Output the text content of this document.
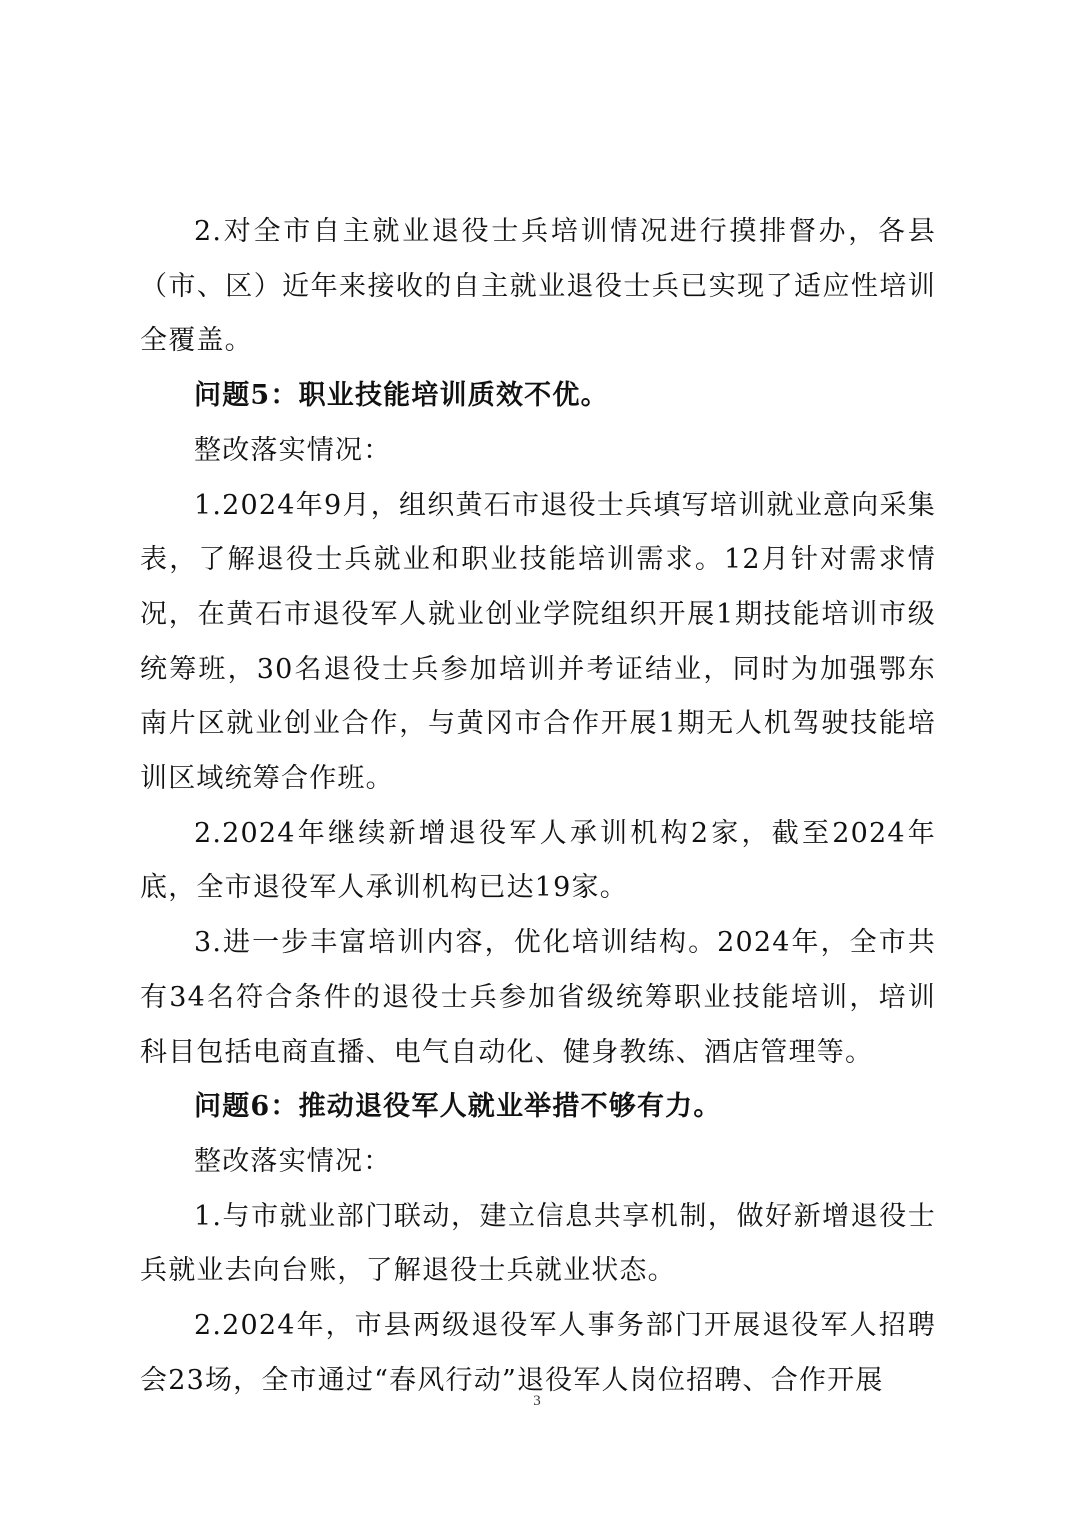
2.对全市自主就业退役士兵培训情况进行摸排督办，各县（市、区）近年来接收的自主就业退役士兵已实现了适应性培训全覆盖。

问题5：职业技能培训质效不优。

整改落实情况：

1.2024年9月，组织黄石市退役士兵填写培训就业意向采集表，了解退役士兵就业和职业技能培训需求。12月针对需求情况，在黄石市退役军人就业创业学院组织开展1期技能培训市级统筹班，30名退役士兵参加培训并考证结业，同时为加强鄂东南片区就业创业合作，与黄冈市合作开展1期无人机驾驶技能培训区域统筹合作班。

2.2024年继续新增退役军人承训机构2家，截至2024年底，全市退役军人承训机构已达19家。

3.进一步丰富培训内容，优化培训结构。2024年，全市共有34名符合条件的退役士兵参加省级统筹职业技能培训，培训科目包括电商直播、电气自动化、健身教练、酒店管理等。

问题6：推动退役军人就业举措不够有力。

整改落实情况：

1.与市就业部门联动，建立信息共享机制，做好新增退役士兵就业去向台账，了解退役士兵就业状态。

2.2024年，市县两级退役军人事务部门开展退役军人招聘会23场，全市通过“春风行动”退役军人岗位招聘、合作开展

3
